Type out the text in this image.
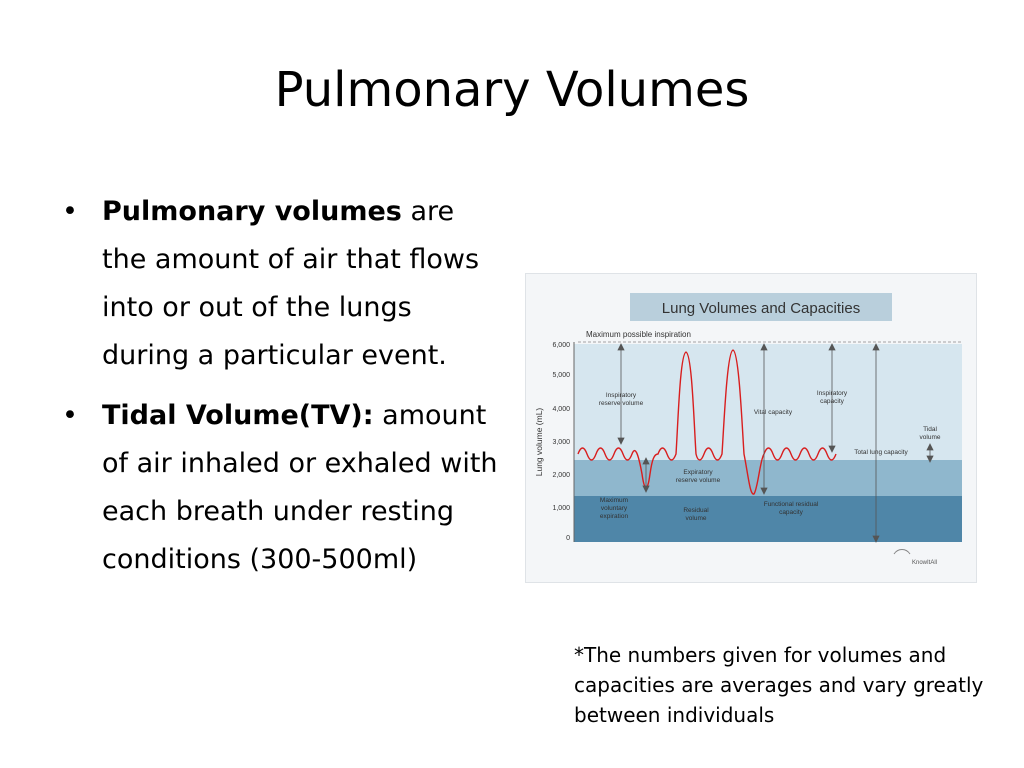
Pulmonary Volumes
• Pulmonary volumes are the amount of air that flows into or out of the lungs during a particular event.
• Tidal Volume(TV): amount of air inhaled or exhaled with each breath under resting conditions (300-500ml)
Lung Volumes and Capacities
Lung volume (mL)
6,000
5,000
4,000
3,000
2,000
1,000
0
Maximum possible inspiration
Inspiratory
reserve volume
Vital capacity
Inspiratory
capacity
Tidal
volume
Total lung capacity
Expiratory
reserve volume
Maximum
voluntary
expiration
Residual
volume
Functional residual
capacity
KnowItAll
*The numbers given for volumes and capacities are averages and vary greatly between individuals
